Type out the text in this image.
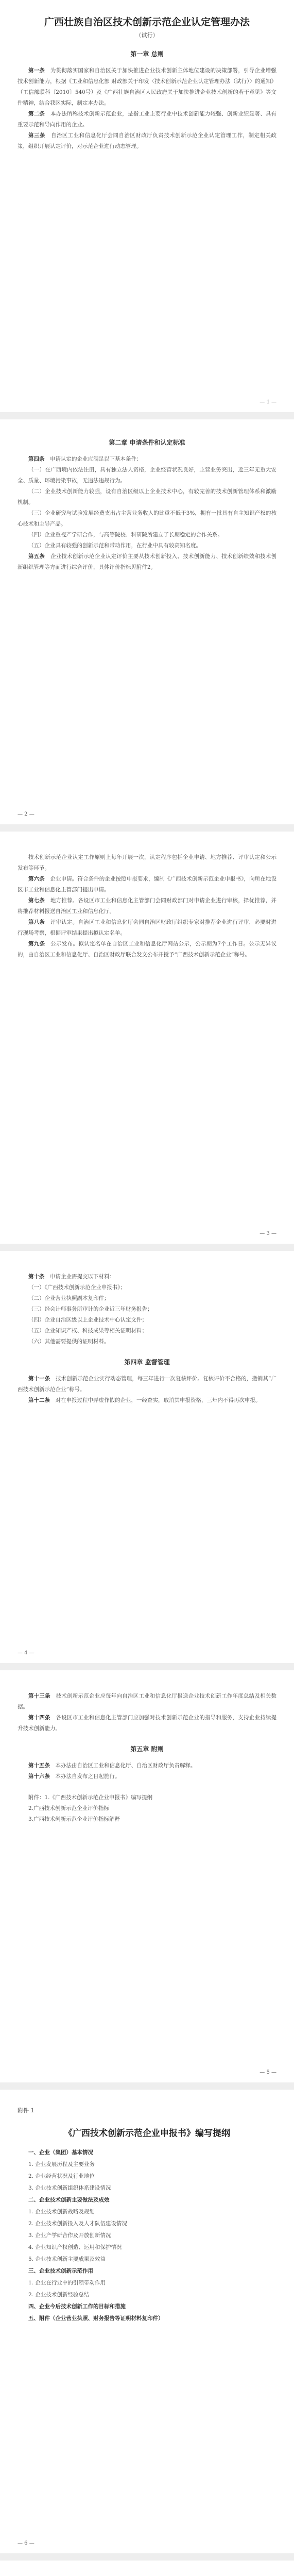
广西壮族自治区技术创新示范企业认定管理办法
（试行）
第一章 总则

第一条　 为贯彻落实国家和自治区关于加快推进企业技术创新主体地位建设的决策部署，引导企业增强技术创新能力，根据《工业和信息化部 财政部关于印发〈技术创新示范企业认定管理办法（试行）〉的通知》（工信部联科〔2010〕540号）及《广西壮族自治区人民政府关于加快推进企业技术创新的若干意见》等文件精神，结合我区实际，制定本办法。

第二条　 本办法所称技术创新示范企业，是指工业主要行业中技术创新能力较强、创新业绩显著、具有重要示范和导向作用的企业。

第三条　 自治区工业和信息化厅会同自治区财政厅负责技术创新示范企业认定管理工作，制定相关政策，组织开展认定评价，对示范企业进行动态管理。

— 1 —
第二章 申请条件和认定标准

第四条　 申请认定的企业应满足以下基本条件：

（一）在广西境内依法注册，具有独立法人资格，企业经营状况良好，主营业务突出，近三年无重大安全、质量、环境污染事故，无违法违规行为。

（二）企业技术创新能力较强，设有自治区级以上企业技术中心，有较完善的技术创新管理体系和激励机制。

（三）企业研究与试验发展经费支出占主营业务收入的比重不低于3%，拥有一批具有自主知识产权的核心技术和主导产品。

（四）企业重视产学研合作，与高等院校、科研院所建立了长期稳定的合作关系。

（五）企业具有较强的创新示范和带动作用，在行业中具有较高知名度。

第五条　 企业技术创新示范企业认定评价主要从技术创新投入、技术创新能力、技术创新绩效和技术创新组织管理等方面进行综合评价，具体评价指标见附件2。

— 2 —

技术创新示范企业认定工作原则上每年开展一次，认定程序包括企业申请、地方推荐、评审认定和公示发布等环节。

第六条　 企业申请。符合条件的企业按照申报要求，编制《广西技术创新示范企业申报书》，向所在地设区市工业和信息化主管部门提出申请。

第七条　 地方推荐。各设区市工业和信息化主管部门会同财政部门对申请企业进行审核，择优推荐，并将推荐材料报送自治区工业和信息化厅。

第八条　 评审认定。自治区工业和信息化厅会同自治区财政厅组织专家对推荐企业进行评审，必要时进行现场考察，根据评审结果提出拟认定名单。

第九条　 公示发布。拟认定名单在自治区工业和信息化厅网站公示，公示期为7个工作日。公示无异议的，由自治区工业和信息化厅、自治区财政厅联合发文公布并授予“广西技术创新示范企业”称号。

— 3 —

第十条　 申请企业需提交以下材料：

（一）《广西技术创新示范企业申报书》；

（二）企业营业执照副本复印件；

（三）经会计师事务所审计的企业近三年财务报告；

（四）企业自治区级以上企业技术中心认定文件；

（五）企业知识产权、科技成果等相关证明材料；

（六）其他需要提供的证明材料。

第四章 监督管理

第十一条　 技术创新示范企业实行动态管理，每三年进行一次复核评价。复核评价不合格的，撤销其“广西技术创新示范企业”称号。

第十二条　 对在申报过程中弄虚作假的企业，一经查实，取消其申报资格，三年内不得再次申报。

— 4 —

第十三条　 技术创新示范企业应每年向自治区工业和信息化厅报送企业技术创新工作年度总结及相关数据。

第十四条　 各设区市工业和信息化主管部门应加强对技术创新示范企业的指导和服务，支持企业持续提升技术创新能力。

第五章 附则

第十五条　 本办法由自治区工业和信息化厅、自治区财政厅负责解释。

第十六条　 本办法自发布之日起施行。

附件：1.《广西技术创新示范企业申报书》编写提纲

2.广西技术创新示范企业评价指标

3.广西技术创新示范企业评价指标解释

— 5 —
附件 1
《广西技术创新示范企业申报书》编写提纲
一、企业（集团）基本情况
1. 企业发展历程及主要业务
2. 企业经营状况及行业地位
3. 企业技术创新组织体系建设情况
二、企业技术创新主要做法及成效
1. 企业技术创新战略及规划
2. 企业技术创新投入及人才队伍建设情况
3. 企业产学研合作及开放创新情况
4. 企业知识产权创造、运用和保护情况
5. 企业技术创新主要成果及效益
三、企业技术创新示范作用
1. 企业在行业中的引领带动作用
2. 企业技术创新经验总结
四、企业今后技术创新工作的目标和措施
五、附件（企业营业执照、财务报告等证明材料复印件）
— 6 —
